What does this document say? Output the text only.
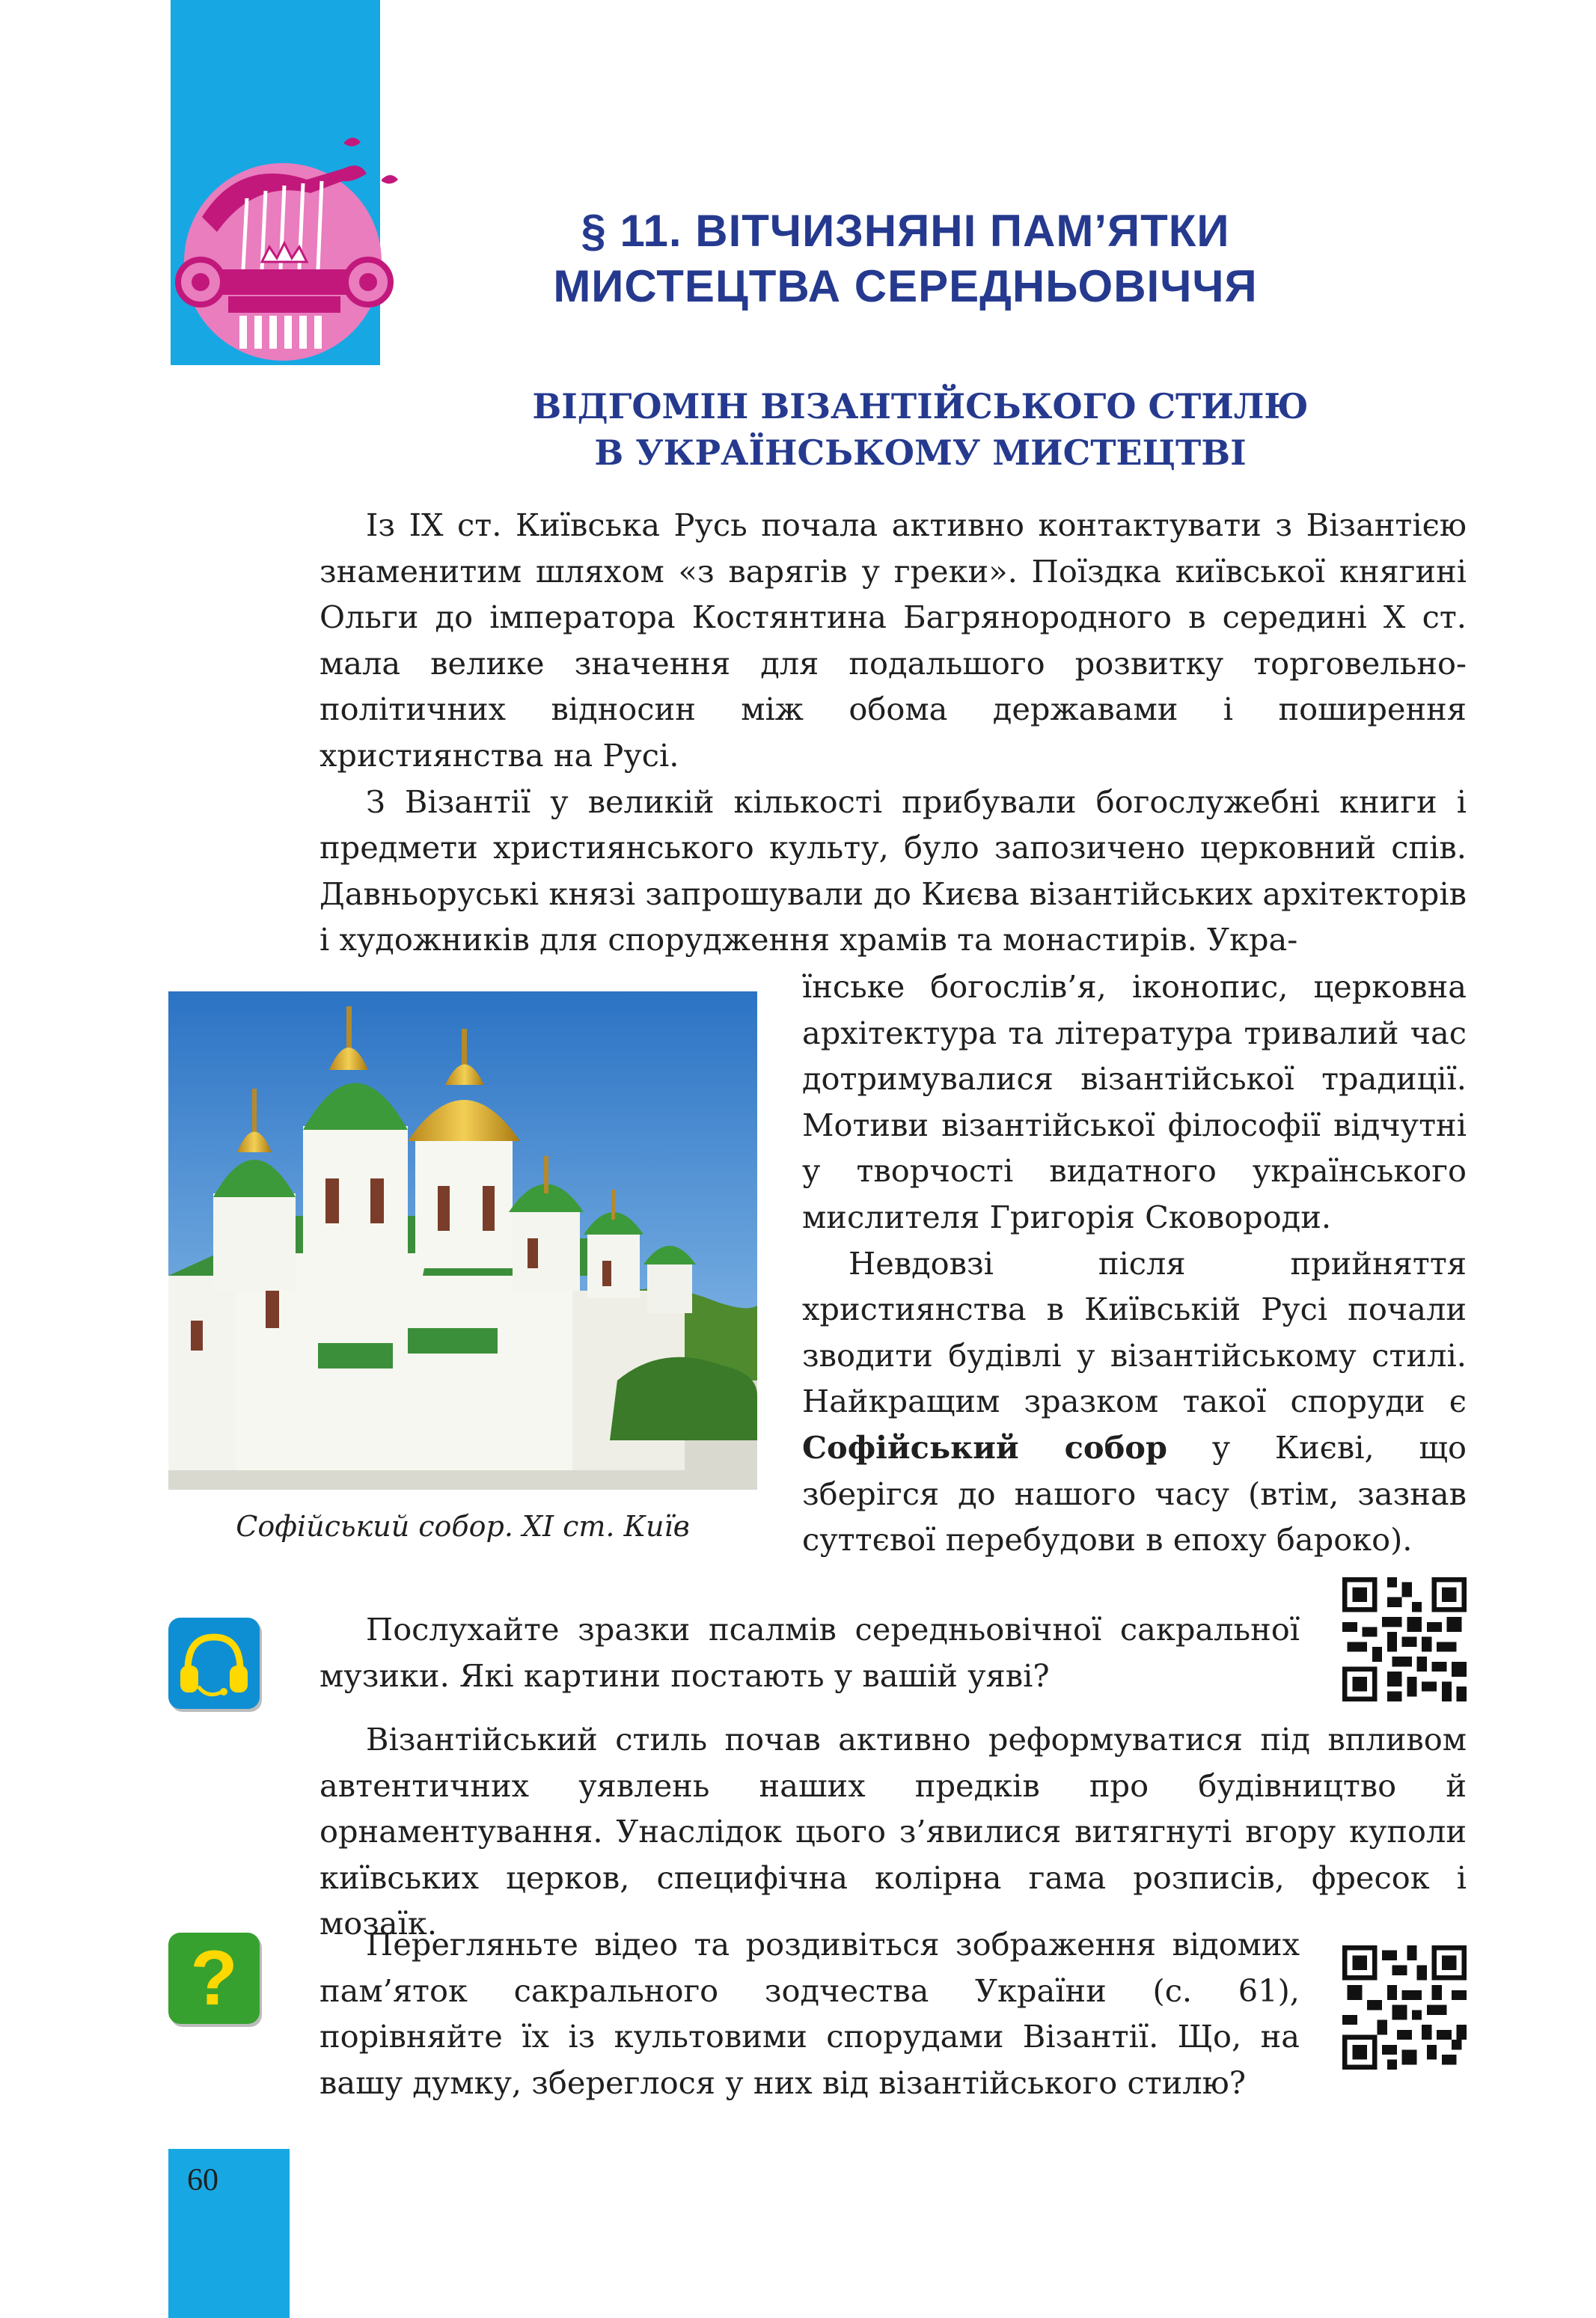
§ 11. ВІТЧИЗНЯНІ ПАМ’ЯТКИ
МИСТЕЦТВА СЕРЕДНЬОВІЧЧЯ
ВІДГОМІН ВІЗАНТІЙСЬКОГО СТИЛЮ
В УКРАЇНСЬКОМУ МИСТЕЦТВІ

Із IX ст. Київська Русь почала активно контактувати з Візантією знаменитим шляхом «з варягів у греки». Поїздка київської княгині Ольги до імператора Костянтина Багрянородного в середині X ст. мала велике значення для подальшого розвитку торговельно-політичних відносин між обома державами і поширення християнства на Русі.

З Візантії у великій кількості прибували богослужебні книги і предмети християнського культу, було запозичено церковний спів. Давньоруські князі запрошували до Києва візантійських архітекторів і художників для спорудження храмів та монастирів. Укра-

Софійський собор. XI ст. Київ

їнське богослів’я, іконопис, церковна архітектура та література тривалий час дотримувалися візантійської традиції. Мотиви візантійської філософії відчутні у творчості видатного українського мислителя Григорія Сковороди.

Невдовзі після прийняття християнства в Київській Русі почали зводити будівлі у візантійському стилі. Найкращим зразком такої споруди є Софійський собор у Києві, що зберігся до нашого часу (втім, зазнав суттєвої перебудови в епоху бароко).

Послухайте зразки псалмів середньовічної сакральної музики. Які картини постають у вашій уяві?

Візантійський стиль почав активно реформуватися під впливом автентичних уявлень наших предків про будівництво й орнаментування. Унаслідок цього з’явилися витягнуті вгору куполи київських церков, специфічна колірна гама розписів, фресок і мозаїк.

?	Перегляньте відео та роздивіться зображення відомих пам’яток сакрального зодчества України (с. 61), порівняйте їх із культовими спорудами Візантії. Що, на вашу думку, збереглося у них від візантійського стилю?

60
